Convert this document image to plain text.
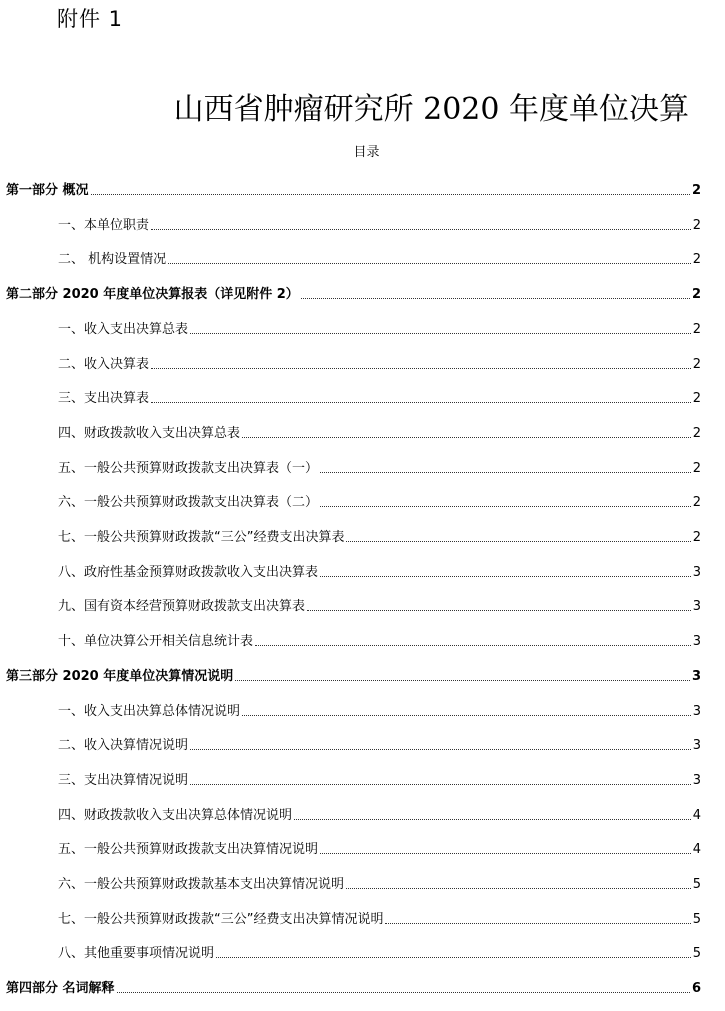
附件 1
山西省肿瘤研究所 2020 年度单位决算
目录
第一部分 概况	2
一、本单位职责	2
二、 机构设置情况	2
第二部分 2020 年度单位决算报表（详见附件 2）	2
一、收入支出决算总表	2
二、收入决算表	2
三、支出决算表	2
四、财政拨款收入支出决算总表	2
五、一般公共预算财政拨款支出决算表（一）	2
六、一般公共预算财政拨款支出决算表（二）	2
七、一般公共预算财政拨款“三公”经费支出决算表	2
八、政府性基金预算财政拨款收入支出决算表	3
九、国有资本经营预算财政拨款支出决算表	3
十、单位决算公开相关信息统计表	3
第三部分 2020 年度单位决算情况说明	3
一、收入支出决算总体情况说明	3
二、收入决算情况说明	3
三、支出决算情况说明	3
四、财政拨款收入支出决算总体情况说明	4
五、一般公共预算财政拨款支出决算情况说明	4
六、一般公共预算财政拨款基本支出决算情况说明	5
七、一般公共预算财政拨款“三公”经费支出决算情况说明	5
八、其他重要事项情况说明	5
第四部分 名词解释	6
